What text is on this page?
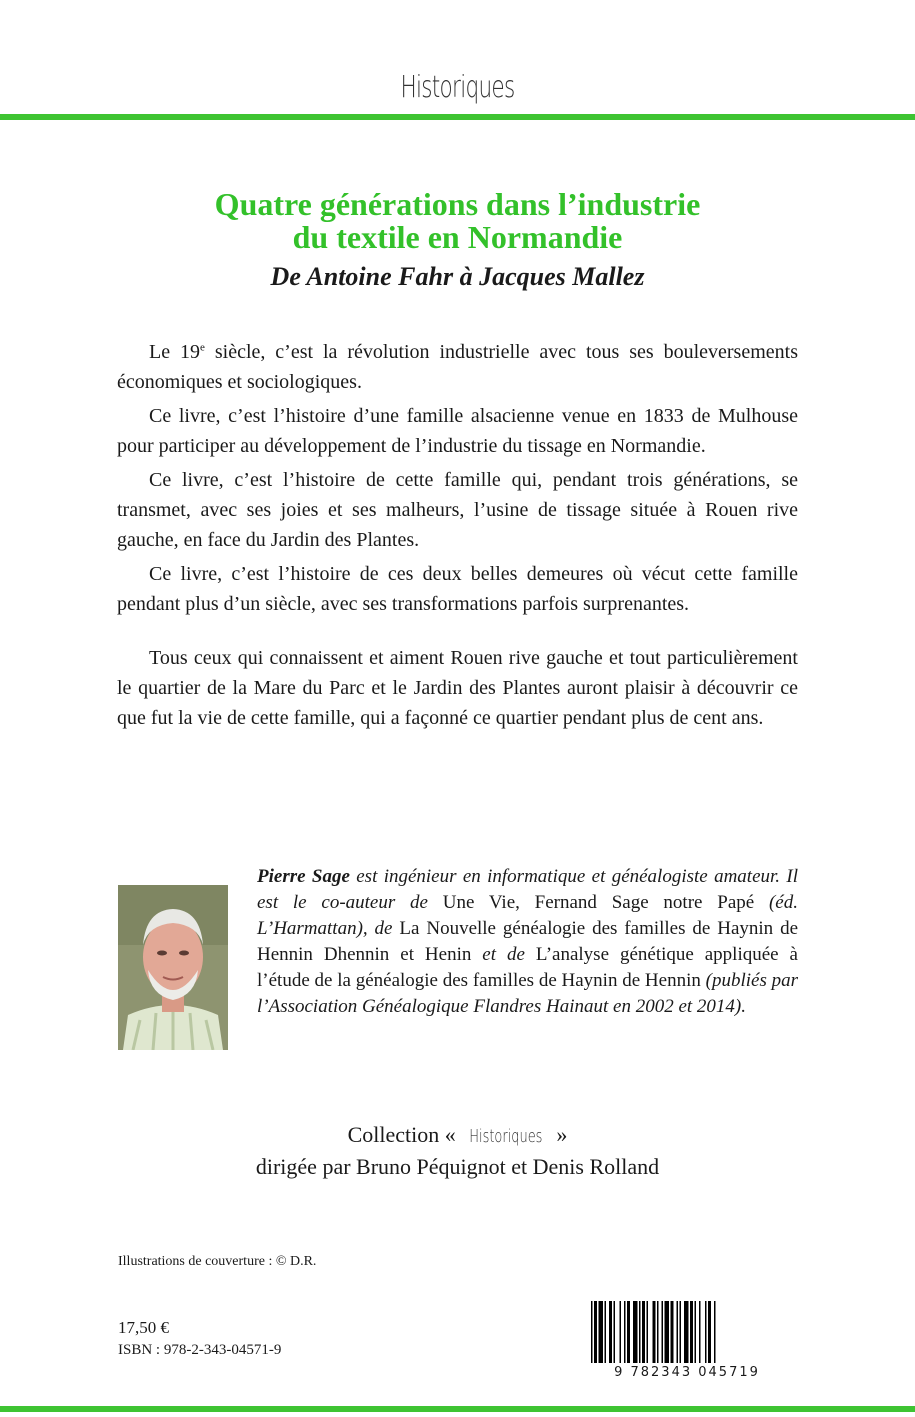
Historiques
Quatre générations dans l’industrie
du textile en Normandie
De Antoine Fahr à Jacques Mallez

Le 19e siècle, c’est la révolution industrielle avec tous ses bouleversements économiques et sociologiques.

Ce livre, c’est l’histoire d’une famille alsacienne venue en 1833 de Mulhouse pour participer au développement de l’industrie du tissage en Normandie.

Ce livre, c’est l’histoire de cette famille qui, pendant trois générations, se transmet, avec ses joies et ses malheurs, l’usine de tissage située à Rouen rive gauche, en face du Jardin des Plantes.

Ce livre, c’est l’histoire de ces deux belles demeures où vécut cette famille pendant plus d’un siècle, avec ses transformations parfois surprenantes.

Tous ceux qui connaissent et aiment Rouen rive gauche et tout particulièrement le quartier de la Mare du Parc et le Jardin des Plantes auront plaisir à découvrir ce que fut la vie de cette famille, qui a façonné ce quartier pendant plus de cent ans.

Pierre Sage est ingénieur en informatique et généalogiste amateur. Il est le co-auteur de Une Vie, Fernand Sage notre Papé (éd. L’Harmattan), de La Nouvelle généalogie des familles de Haynin de Hennin Dhennin et Henin et de L’analyse génétique appliquée à l’étude de la généalogie des familles de Haynin de Hennin (publiés par l’Association Généalogique Flandres Hainaut en 2002 et 2014).
Collection « Historiques »
dirigée par Bruno Péquignot et Denis Rolland
Illustrations de couverture : © D.R.
17,50 €
ISBN : 978-2-343-04571-9
9 782343 045719
